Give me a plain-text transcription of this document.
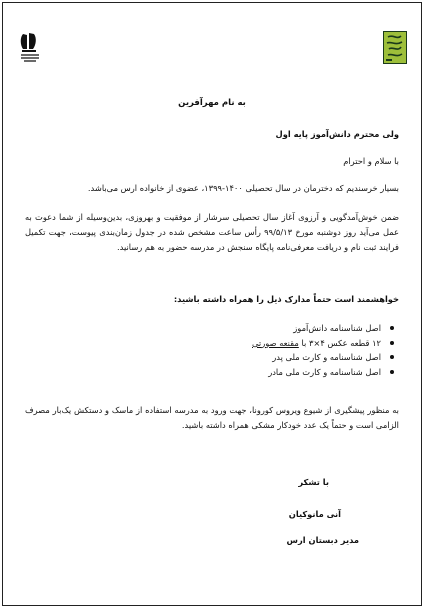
به نام مهرآفرین
ولی محترم دانش‌آموز پایه اول
با سلام و احترام
بسیار خرسندیم که دخترمان در سال تحصیلی ۱۴۰۰-۱۳۹۹، عضوی از خانواده ارس می‌باشد.
ضمن خوش‌آمدگویی و آرزوی آغاز سال تحصیلی سرشار از موفقیت و بهروزی، بدین‌وسیله از شما دعوت به عمل می‌آید روز دوشنبه مورخ ۹۹/۵/۱۳ رأس ساعت مشخص شده در جدول زمان‌بندی پیوست، جهت تکمیل فرایند ثبت نام و دریافت معرفی‌نامه پایگاه سنجش در مدرسه حضور به هم رسانید.
خواهشمند است حتماً مدارک ذیل را همراه داشته باشید:
اصل شناسنامه دانش‌آموز
۱۲ قطعه عکس ۴×۳ با مقنعه صورتی
اصل شناسنامه و کارت ملی پدر
اصل شناسنامه و کارت ملی مادر
به منظور پیشگیری از شیوع ویروس کورونا، جهت ورود به مدرسه استفاده از ماسک و دستکش یک‌بار مصرف الزامی است و حتماً یک عدد خودکار مشکی همراه داشته باشید.
با تشکر
آنی مانوکیان
مدیر دبستان ارس
